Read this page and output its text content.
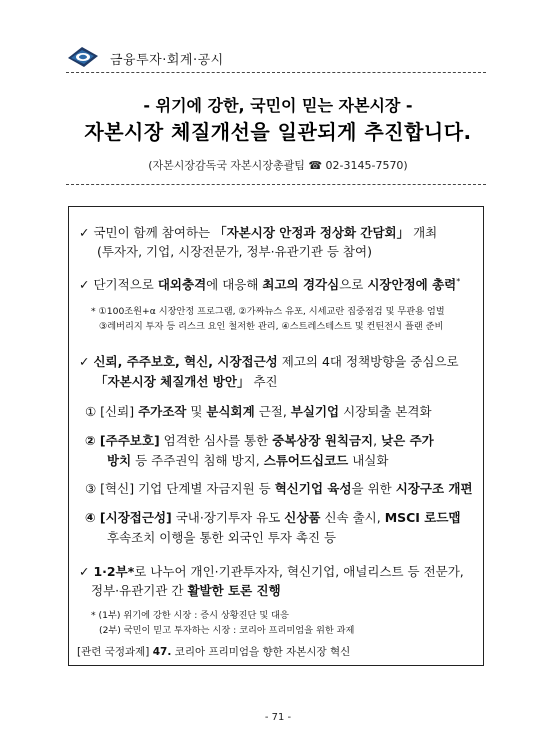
금융투자·회계·공시
- 위기에 강한, 국민이 믿는 자본시장 -
자본시장 체질개선을 일관되게 추진합니다.
(자본시장감독국 자본시장총괄팀 ☎ 02-3145-7570)
✓ 국민이 함께 참여하는 「자본시장 안정과 정상화 간담회」 개최
(투자자, 기업, 시장전문가, 정부·유관기관 등 참여)
✓ 단기적으로 대외충격에 대응해 최고의 경각심으로 시장안정에 총력*
* ①100조원+α 시장안정 프로그램, ②가짜뉴스 유포, 시세교란 집중점검 및 무관용 엄벌
③레버리지 투자 등 리스크 요인 철저한 관리, ④스트레스테스트 및 컨틴전시 플랜 준비
✓ 신뢰, 주주보호, 혁신, 시장접근성 제고의 4대 정책방향을 중심으로
「자본시장 체질개선 방안」 추진
① [신뢰] 주가조작 및 분식회계 근절, 부실기업 시장퇴출 본격화
② [주주보호] 엄격한 심사를 통한 중복상장 원칙금지, 낮은 주가
방치 등 주주권익 침해 방지, 스튜어드십코드 내실화
③ [혁신] 기업 단계별 자금지원 등 혁신기업 육성을 위한 시장구조 개편
④ [시장접근성] 국내·장기투자 유도 신상품 신속 출시, MSCI 로드맵
후속조치 이행을 통한 외국인 투자 촉진 등
✓ 1·2부*로 나누어 개인·기관투자자, 혁신기업, 애널리스트 등 전문가,
정부·유관기관 간 활발한 토론 진행
* (1부) 위기에 강한 시장 : 증시 상황진단 및 대응
(2부) 국민이 믿고 투자하는 시장 : 코리아 프리미엄을 위한 과제
[관련 국정과제] 47. 코리아 프리미엄을 향한 자본시장 혁신
- 71 -
